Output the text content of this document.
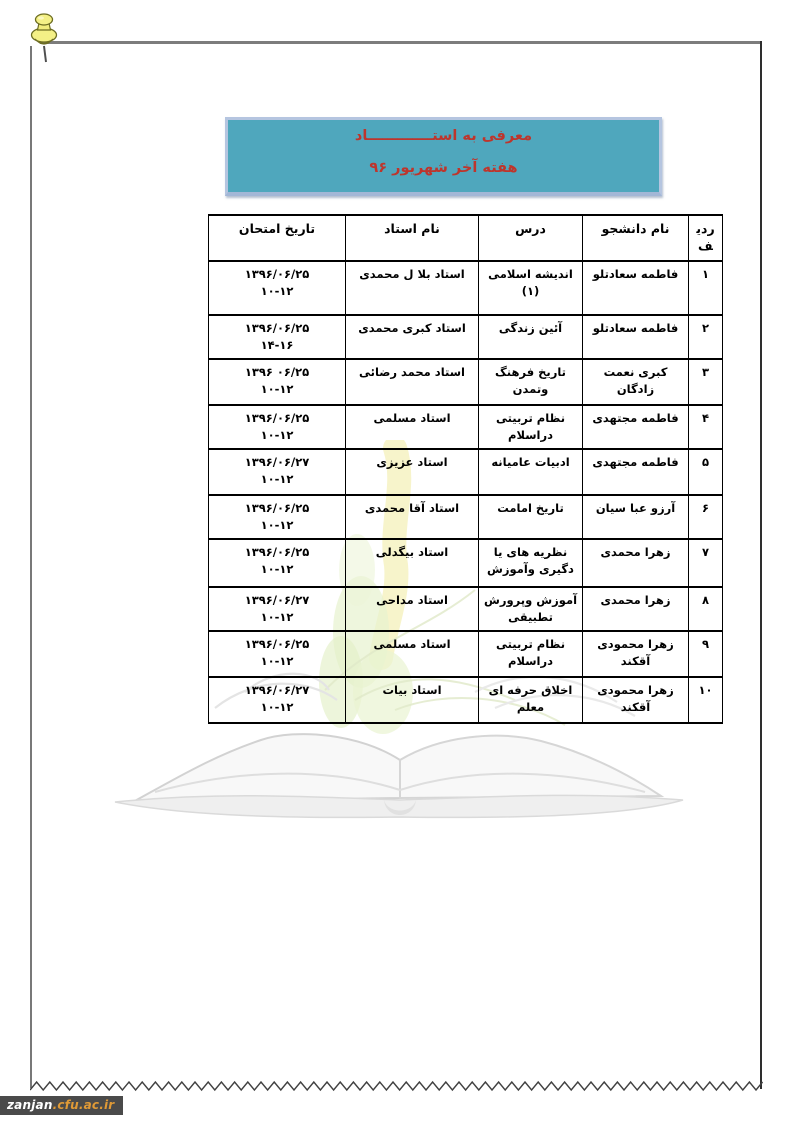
معرفی به استـــــــــــــاد
هفته آخر شهریور ۹۶
ردیف	نام دانشجو	درس	نام استاد	تاریخ امتحان
۱	فاطمه سعادتلو	اندیشه اسلامی (۱)	استاد بلا ل محمدی	۱۳۹۶/۰۶/۲۵
۱۰-۱۲

۲	فاطمه سعادتلو	آئین زندگی	استاد کبری محمدی	۱۳۹۶/۰۶/۲۵
۱۴-۱۶

۳	کبری نعمت زادگان	تاریخ فرهنگ وتمدن	استاد محمد رضائی	۱۳۹۶ ۰۶/۲۵
۱۰-۱۲

۴	فاطمه مجتهدی	نظام تربیتی دراسلام	استاد مسلمی	۱۳۹۶/۰۶/۲۵
۱۰-۱۲

۵	فاطمه مجتهدی	ادبیات عامیانه	استاد عزیزی	۱۳۹۶/۰۶/۲۷
۱۰-۱۲

۶	آرزو عبا سیان	تاریخ امامت	استاد آقا محمدی	۱۳۹۶/۰۶/۲۵
۱۰-۱۲

۷	زهرا محمدی	نظریه های یا دگیری وآموزش	استاد بیگدلی	۱۳۹۶/۰۶/۲۵
۱۰-۱۲

۸	زهرا محمدی	آموزش وپرورش تطبیقی	استاد مداحی	۱۳۹۶/۰۶/۲۷
۱۰-۱۲

۹	زهرا محمودی آقکند	نظام تربیتی دراسلام	استاد مسلمی	۱۳۹۶/۰۶/۲۵
۱۰-۱۲

۱۰	زهرا محمودی آقکند	اخلاق حرفه ای معلم	استاد بیات	۱۳۹۶/۰۶/۲۷
۱۰-۱۲
zanjan.cfu.ac.ir
